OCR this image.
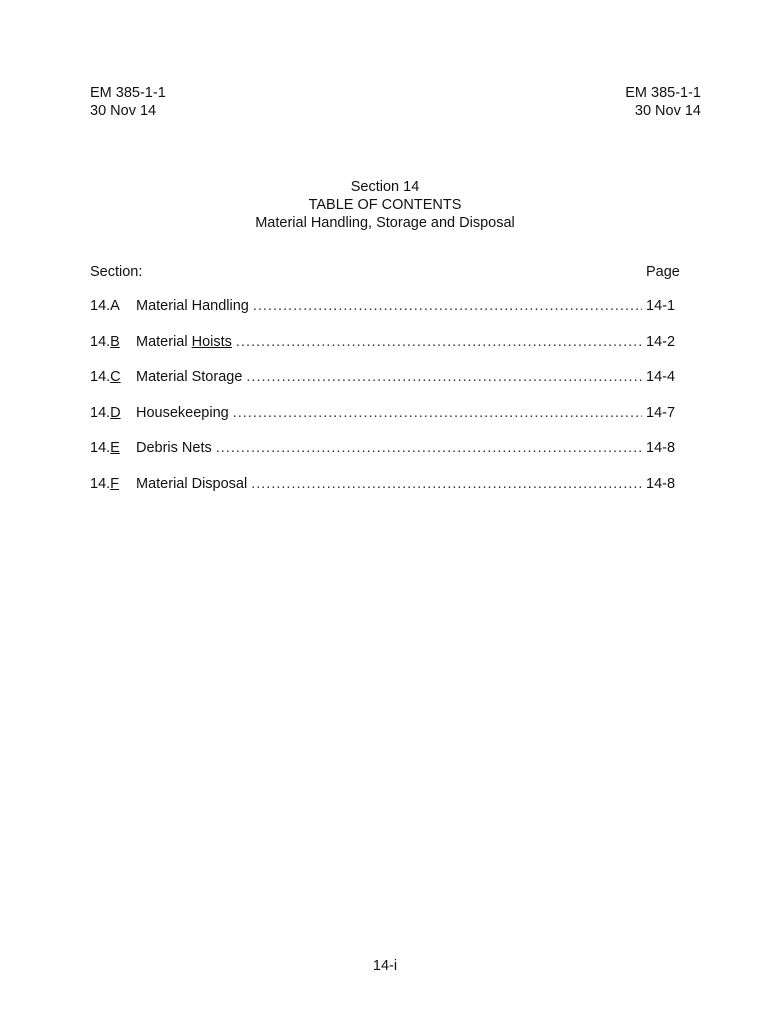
EM 385-1-1
30 Nov 14
EM 385-1-1
30 Nov 14
Section 14
TABLE OF CONTENTS
Material Handling, Storage and Disposal
Section:	Page
14.A	Material Handling .....	14-1
14.B	Material Hoists .....	14-2
14.C	Material Storage .....	14-4
14.D	Housekeeping .....	14-7
14.E	Debris Nets .....	14-8
14.F	Material Disposal .....	14-8
14-i
